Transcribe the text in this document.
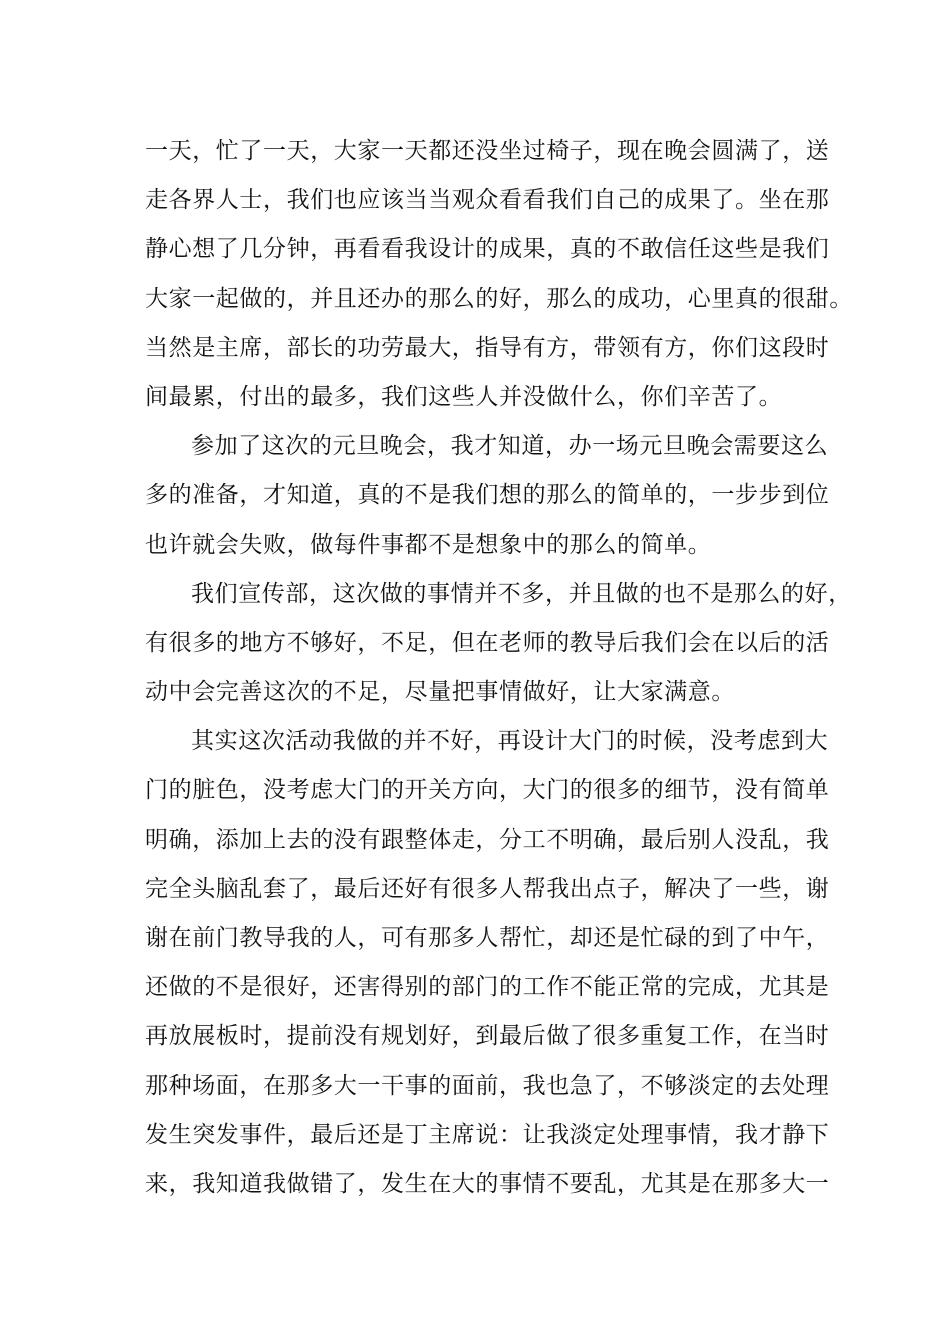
一天，忙了一天，大家一天都还没坐过椅子，现在晚会圆满了，送
走各界人士，我们也应该当当观众看看我们自己的成果了。坐在那
静心想了几分钟，再看看我设计的成果，真的不敢信任这些是我们
大家一起做的，并且还办的那么的好，那么的成功，心里真的很甜。
当然是主席，部长的功劳最大，指导有方，带领有方，你们这段时
间最累，付出的最多，我们这些人并没做什么，你们辛苦了。
参加了这次的元旦晚会，我才知道，办一场元旦晚会需要这么
多的准备，才知道，真的不是我们想的那么的简单的，一步步到位
也许就会失败，做每件事都不是想象中的那么的简单。
我们宣传部，这次做的事情并不多，并且做的也不是那么的好，
有很多的地方不够好，不足，但在老师的教导后我们会在以后的活
动中会完善这次的不足，尽量把事情做好，让大家满意。
其实这次活动我做的并不好，再设计大门的时候，没考虑到大
门的脏色，没考虑大门的开关方向，大门的很多的细节，没有简单
明确，添加上去的没有跟整体走，分工不明确，最后别人没乱，我
完全头脑乱套了，最后还好有很多人帮我出点子，解决了一些，谢
谢在前门教导我的人，可有那多人帮忙，却还是忙碌的到了中午，
还做的不是很好，还害得别的部门的工作不能正常的完成，尤其是
再放展板时，提前没有规划好，到最后做了很多重复工作，在当时
那种场面，在那多大一干事的面前，我也急了，不够淡定的去处理
发生突发事件，最后还是丁主席说：让我淡定处理事情，我才静下
来，我知道我做错了，发生在大的事情不要乱，尤其是在那多大一
